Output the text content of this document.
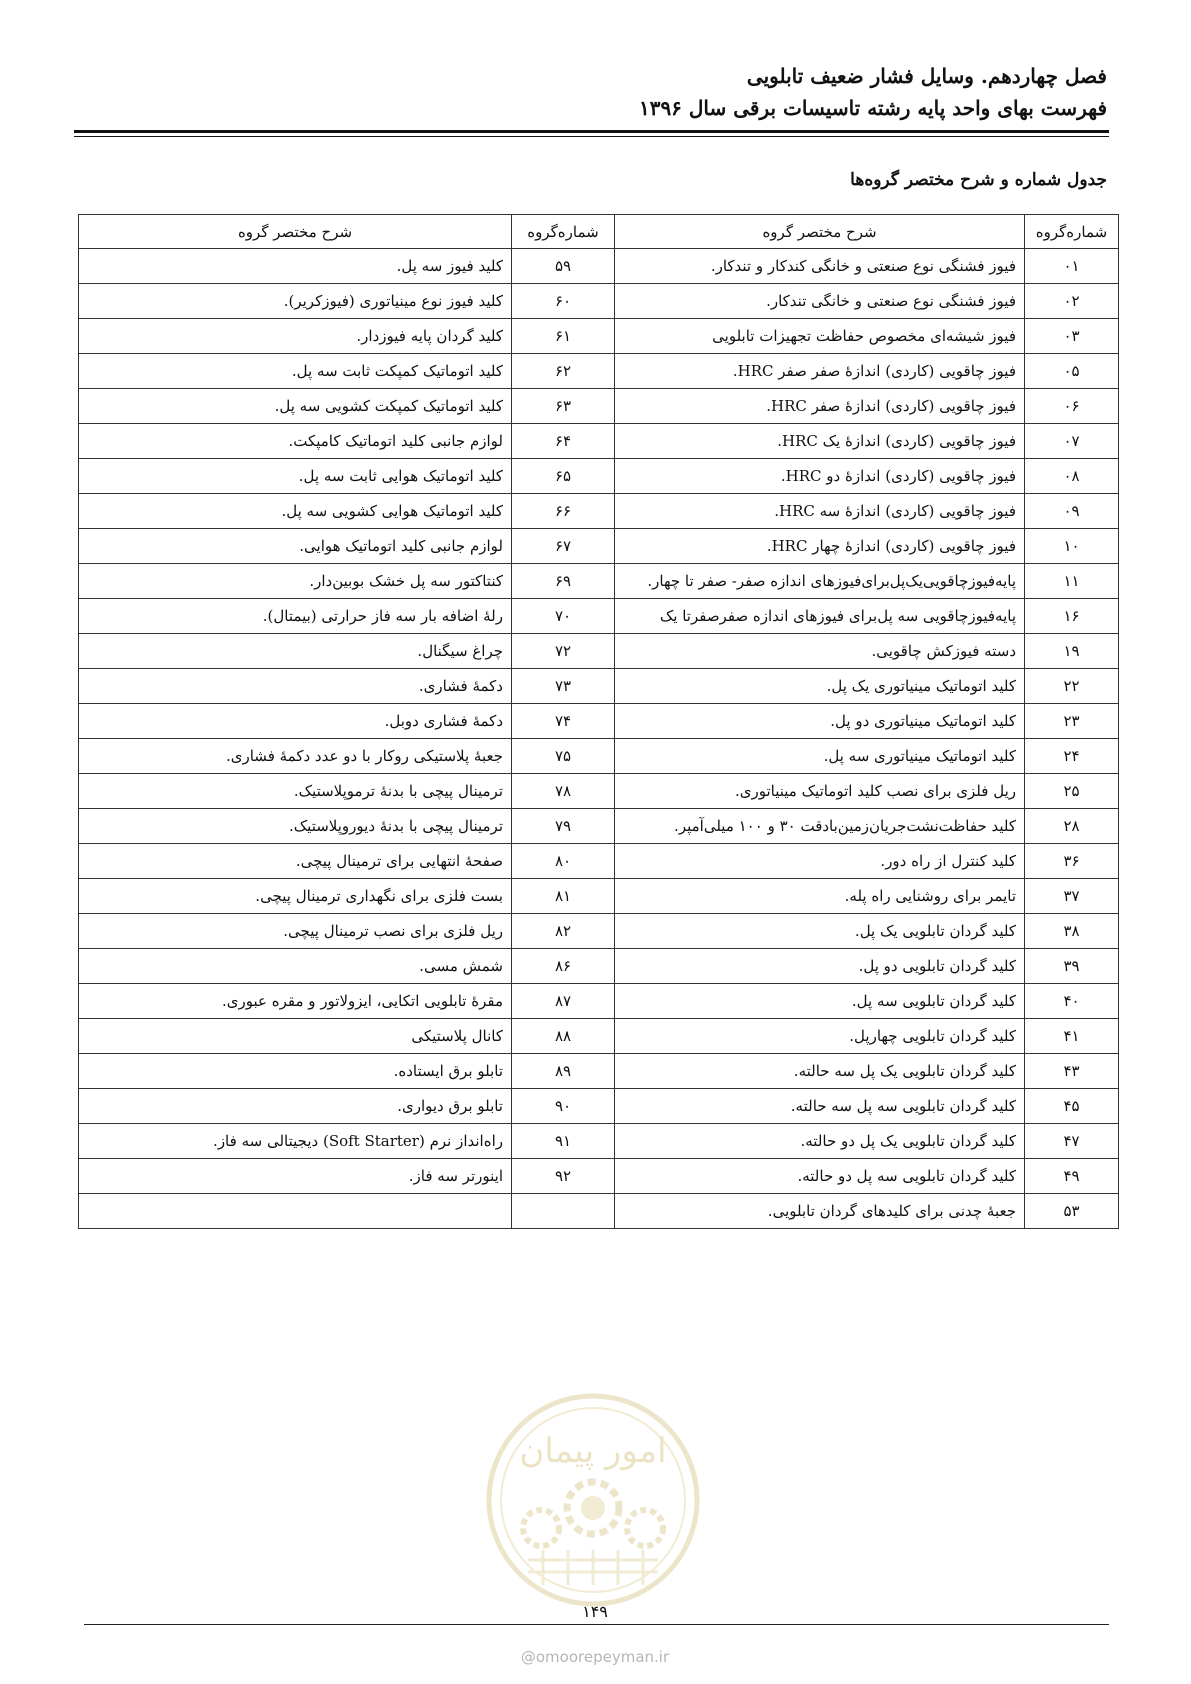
فصل چهاردهم. وسایل فشار ضعیف تابلویی
فهرست بهای واحد پایه رشته تاسیسات برقی سال ۱۳۹۶
جدول شماره و شرح مختصر گروه‌ها
شماره‌گروه	شرح مختصر گروه	شماره‌گروه	شرح مختصر گروه
۰۱	فیوز فشنگی نوع صنعتی و خانگی کندکار و تندکار.	۵۹	کلید فیوز سه پل.
۰۲	فیوز فشنگی نوع صنعتی و خانگی تندکار.	۶۰	کلید فیوز نوع مینیاتوری (فیوزکریر).
۰۳	فیوز شیشه‌ای مخصوص حفاظت تجهیزات تابلویی	۶۱	کلید گردان پایه فیوزدار.
۰۵	فیوز چاقویی (کاردی) اندازهٔ صفر صفر HRC.	۶۲	کلید اتوماتیک کمپکت ثابت سه پل.
۰۶	فیوز چاقویی (کاردی) اندازهٔ صفر HRC.	۶۳	کلید اتوماتیک کمپکت کشویی سه پل.
۰۷	فیوز چاقویی (کاردی) اندازهٔ یک HRC.	۶۴	لوازم جانبی کلید اتوماتیک کامپکت.
۰۸	فیوز چاقویی (کاردی) اندازهٔ دو HRC.	۶۵	کلید اتوماتیک هوایی ثابت سه پل.
۰۹	فیوز چاقویی (کاردی) اندازهٔ سه HRC.	۶۶	کلید اتوماتیک هوایی کشویی سه پل.
۱۰	فیوز چاقویی (کاردی) اندازهٔ چهار HRC.	۶۷	لوازم جانبی کلید اتوماتیک هوایی.
۱۱	پایه‌فیوزچاقویی‌یک‌پل‌برای‌فیوزهای اندازه صفر- صفر تا چهار.	۶۹	کنتاکتور سه پل خشک بوبین‌دار.
۱۶	پایه‌فیوزچاقویی سه پل‌برای فیوزهای اندازه صفرصفرتا یک	۷۰	رلهٔ اضافه بار سه فاز حرارتی (بیمتال).
۱۹	دسته فیوزکش چاقویی.	۷۲	چراغ سیگنال.
۲۲	کلید اتوماتیک مینیاتوری یک پل.	۷۳	دکمهٔ فشاری.
۲۳	کلید اتوماتیک مینیاتوری دو پل.	۷۴	دکمهٔ فشاری دوبل.
۲۴	کلید اتوماتیک مینیاتوری سه پل.	۷۵	جعبهٔ پلاستیکی روکار با دو عدد دکمهٔ فشاری.
۲۵	ریل فلزی برای نصب کلید اتوماتیک مینیاتوری.	۷۸	ترمینال پیچی با بدنهٔ ترموپلاستیک.
۲۸	کلید حفاظت‌نشت‌جریان‌زمین‌بادقت ۳۰ و ۱۰۰ میلی‌آمپر.	۷۹	ترمینال پیچی با بدنهٔ دیوروپلاستیک.
۳۶	کلید کنترل از راه دور.	۸۰	صفحهٔ انتهایی برای ترمینال پیچی.
۳۷	تایمر برای روشنایی راه پله.	۸۱	بست فلزی برای نگهداری ترمینال پیچی.
۳۸	کلید گردان تابلویی یک پل.	۸۲	ریل فلزی برای نصب ترمینال پیچی.
۳۹	کلید گردان تابلویی دو پل.	۸۶	شمش مسی.
۴۰	کلید گردان تابلویی سه پل.	۸۷	مقرهٔ تابلویی اتکایی، ایزولاتور و مقره عبوری.
۴۱	کلید گردان تابلویی چهارپل.	۸۸	کانال پلاستیکی
۴۳	کلید گردان تابلویی یک پل سه حالته.	۸۹	تابلو برق ایستاده.
۴۵	کلید گردان تابلویی سه پل سه حالته.	۹۰	تابلو برق دیواری.
۴۷	کلید گردان تابلویی یک پل دو حالته.	۹۱	راه‌انداز نرم (Soft Starter) دیجیتالی سه فاز.
۴۹	کلید گردان تابلویی سه پل دو حالته.	۹۲	اینورتر سه فاز.
۵۳	جعبهٔ چدنی برای کلیدهای گردان تابلویی.		
امور پیمان
۱۴۹
@omoorepeyman.ir
